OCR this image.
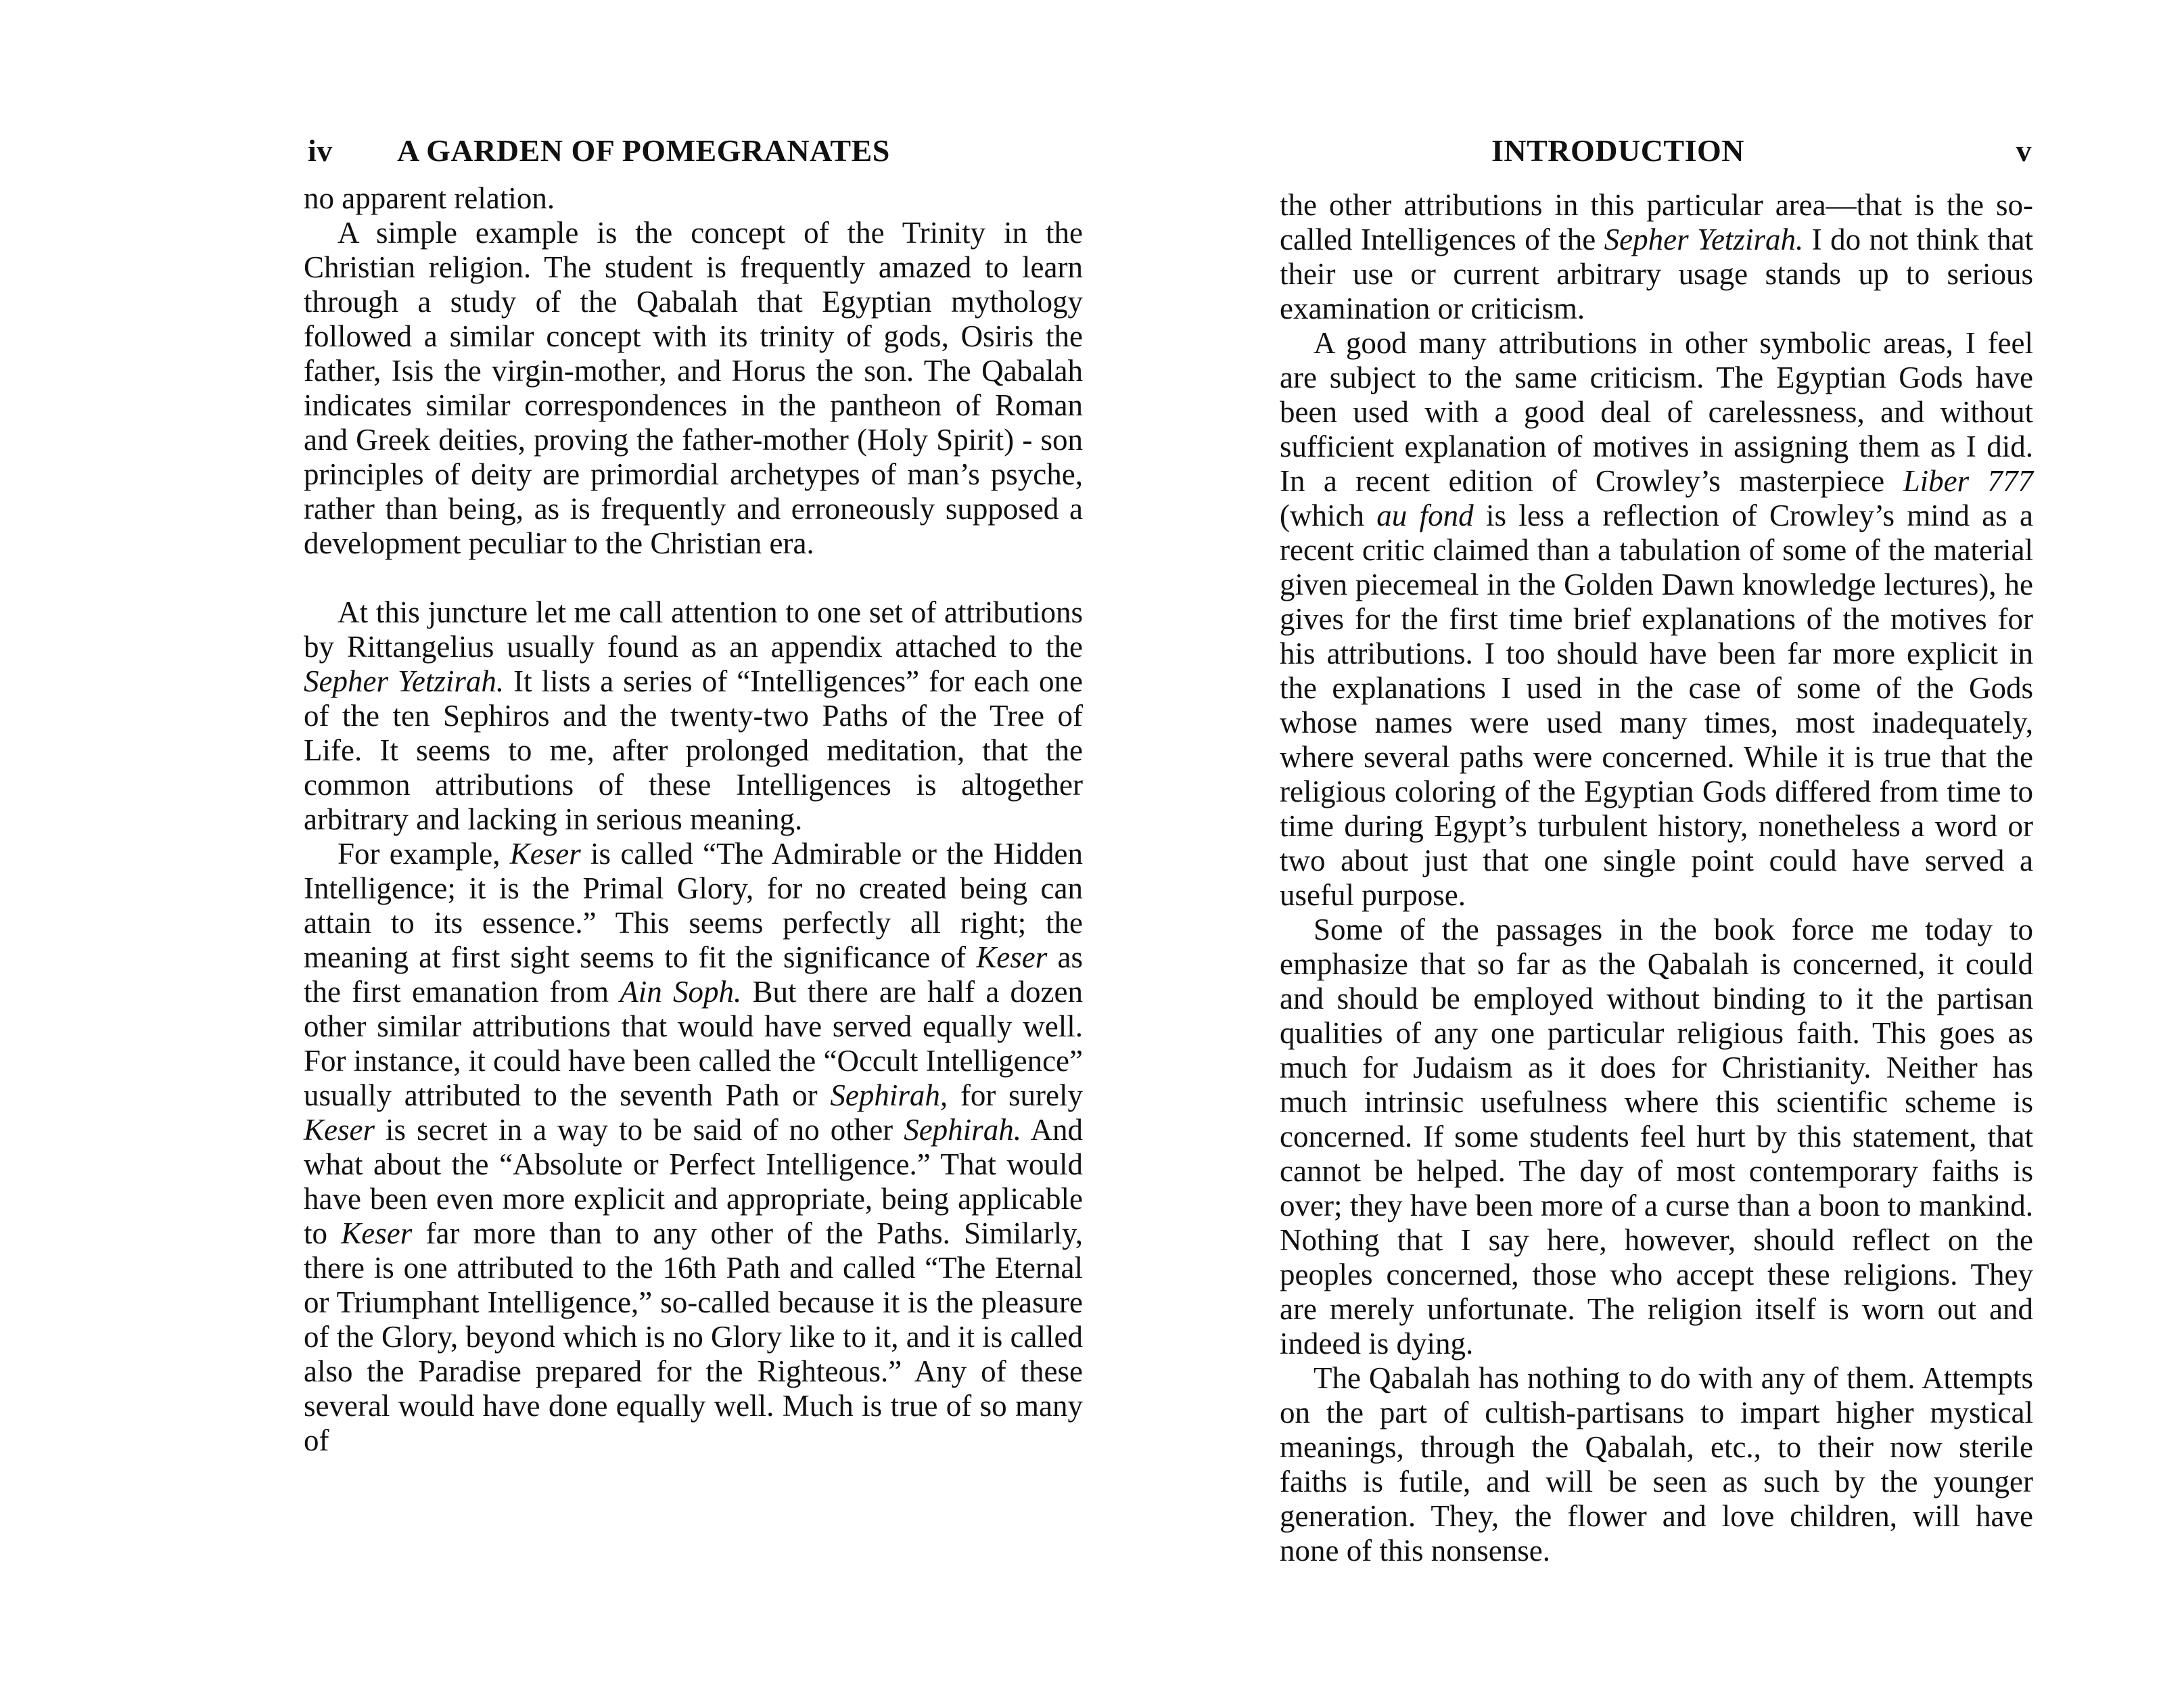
iv A GARDEN OF POMEGRANATES

no apparent relation.

A simple example is the concept of the Trinity in the Christian religion. The student is frequently amazed to learn through a study of the Qabalah that Egyptian mythology followed a similar concept with its trinity of gods, Osiris the father, Isis the virgin-mother, and Horus the son. The Qabalah indicates similar correspondences in the pantheon of Roman and Greek deities, proving the father-mother (Holy Spirit) - son principles of deity are primordial archetypes of man’s psyche, rather than being, as is frequently and erroneously supposed a development peculiar to the Christian era.

At this juncture let me call attention to one set of attributions by Rittangelius usually found as an appendix attached to the Sepher Yetzirah. It lists a series of “Intelligences” for each one of the ten Sephiros and the twenty-two Paths of the Tree of Life. It seems to me, after prolonged meditation, that the common attributions of these Intelligences is altogether arbitrary and lacking in serious meaning.

For example, Keser is called “The Admirable or the Hidden Intelligence; it is the Primal Glory, for no created being can attain to its essence.” This seems perfectly all right; the meaning at first sight seems to fit the significance of Keser as the first emanation from Ain Soph. But there are half a dozen other similar attributions that would have served equally well. For instance, it could have been called the “Occult Intelligence” usually attributed to the seventh Path or Sephirah, for surely Keser is secret in a way to be said of no other Sephirah. And what about the “Absolute or Perfect Intelligence.” That would have been even more explicit and appropriate, being applicable to Keser far more than to any other of the Paths. Similarly, there is one attributed to the 16th Path and called “The Eternal or Triumphant Intelligence,” so-called because it is the pleasure of the Glory, beyond which is no Glory like to it, and it is called also the Paradise prepared for the Righteous.” Any of these several would have done equally well. Much is true of so many of

INTRODUCTION	v

the other attributions in this particular area—that is the so-called Intelligences of the Sepher Yetzirah. I do not think that their use or current arbitrary usage stands up to serious examination or criticism.

A good many attributions in other symbolic areas, I feel are subject to the same criticism. The Egyptian Gods have been used with a good deal of carelessness, and without sufficient explanation of motives in assigning them as I did. In a recent edition of Crowley’s masterpiece Liber 777 (which au fond is less a reflection of Crowley’s mind as a recent critic claimed than a tabulation of some of the material given piecemeal in the Golden Dawn knowledge lectures), he gives for the first time brief explanations of the motives for his attributions. I too should have been far more explicit in the explanations I used in the case of some of the Gods whose names were used many times, most inadequately, where several paths were concerned. While it is true that the religious coloring of the Egyptian Gods differed from time to time during Egypt’s turbulent history, nonetheless a word or two about just that one single point could have served a useful purpose.

Some of the passages in the book force me today to emphasize that so far as the Qabalah is concerned, it could and should be employed without binding to it the partisan qualities of any one particular religious faith. This goes as much for Judaism as it does for Christianity. Neither has much intrinsic usefulness where this scientific scheme is concerned. If some students feel hurt by this statement, that cannot be helped. The day of most contemporary faiths is over; they have been more of a curse than a boon to mankind. Nothing that I say here, however, should reflect on the peoples concerned, those who accept these religions. They are merely unfortunate. The religion itself is worn out and indeed is dying.

The Qabalah has nothing to do with any of them. Attempts on the part of cultish-partisans to impart higher mystical meanings, through the Qabalah, etc., to their now sterile faiths is futile, and will be seen as such by the younger generation. They, the flower and love children, will have none of this nonsense.
